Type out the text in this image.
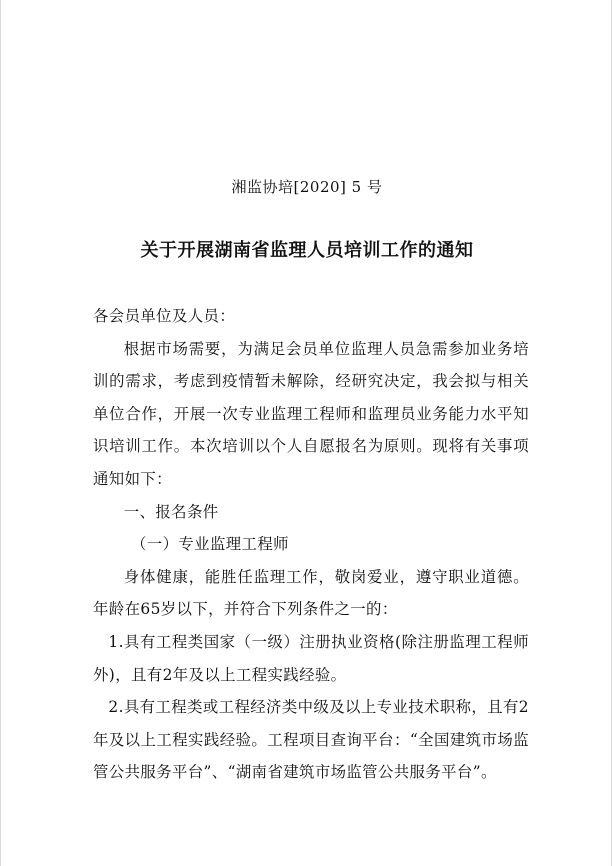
湘监协培[2020] 5 号
关于开展湖南省监理人员培训工作的通知

各会员单位及人员：

根据市场需要，为满足会员单位监理人员急需参加业务培训的需求，考虑到疫情暂未解除，经研究决定，我会拟与相关单位合作，开展一次专业监理工程师和监理员业务能力水平知识培训工作。本次培训以个人自愿报名为原则。现将有关事项通知如下：

一、报名条件

（一）专业监理工程师

身体健康，能胜任监理工作，敬岗爱业，遵守职业道德。年龄在65岁以下，并符合下列条件之一的：

1.具有工程类国家（一级）注册执业资格(除注册监理工程师外)，且有2年及以上工程实践经验。

2.具有工程类或工程经济类中级及以上专业技术职称，且有2年及以上工程实践经验。工程项目查询平台：“全国建筑市场监管公共服务平台”、“湖南省建筑市场监管公共服务平台”。
